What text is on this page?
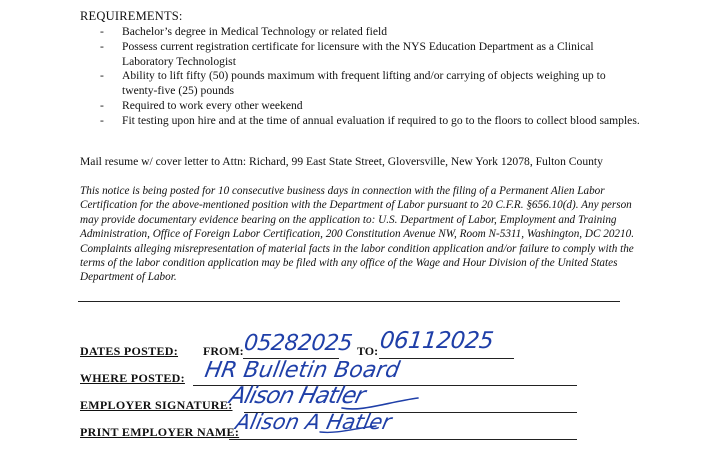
REQUIREMENTS:
- Bachelor’s degree in Medical Technology or related field
- Possess current registration certificate for licensure with the NYS Education Department as a Clinical Laboratory Technologist
- Ability to lift fifty (50) pounds maximum with frequent lifting and/or carrying of objects weighing up to twenty-five (25) pounds
- Required to work every other weekend
- Fit testing upon hire and at the time of annual evaluation if required to go to the floors to collect blood samples.
Mail resume w/ cover letter to Attn: Richard, 99 East State Street, Gloversville, New York 12078, Fulton County
This notice is being posted for 10 consecutive business days in connection with the filing of a Permanent Alien Labor Certification for the above-mentioned position with the Department of Labor pursuant to 20 C.F.R. §656.10(d). Any person may provide documentary evidence bearing on the application to: U.S. Department of Labor, Employment and Training Administration, Office of Foreign Labor Certification, 200 Constitution Avenue NW, Room N-5311, Washington, DC 20210. Complaints alleging misrepresentation of material facts in the labor condition application and/or failure to comply with the terms of the labor condition application may be filed with any office of the Wage and Hour Division of the United States Department of Labor.
DATES POSTED: FROM: 05282025 TO: 06112025
WHERE POSTED: HR Bulletin Board
EMPLOYER SIGNATURE:
Alison Hatler
PRINT EMPLOYER NAME:
Alison A Hatler
